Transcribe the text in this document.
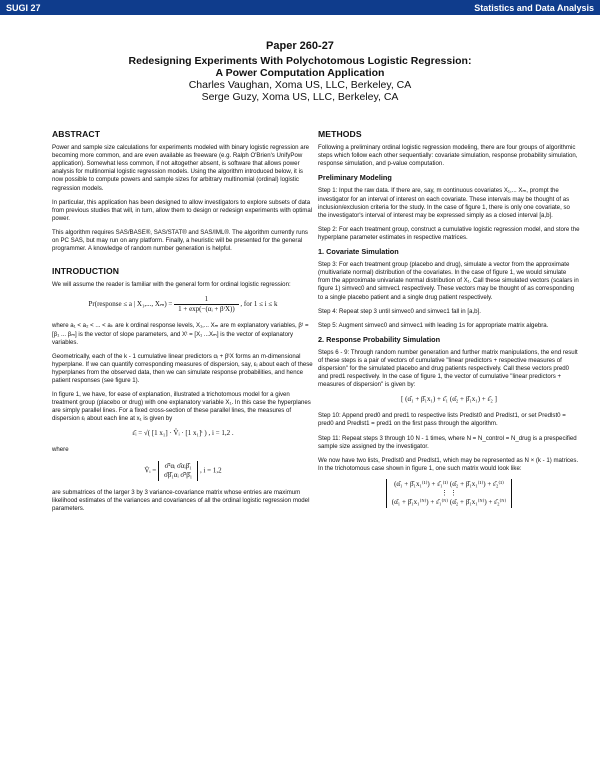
SUGI 27	Statistics and Data Analysis
Paper 260-27
Redesigning Experiments With Polychotomous Logistic Regression:
A Power Computation Application
Charles Vaughan, Xoma US, LLC, Berkeley, CA
Serge Guzy, Xoma US, LLC, Berkeley, CA
ABSTRACT

Power and sample size calculations for experiments modeled with binary logistic regression are becoming more common, and are even available as freeware (e.g. Ralph O'Brien's UnifyPow application). Somewhat less common, if not altogether absent, is software that allows power analysis for multinomial logistic regression models. Using the algorithm introduced below, it is now possible to compute powers and sample sizes for arbitrary multinomial (ordinal) logistic regression models.

In particular, this application has been designed to allow investigators to explore subsets of data from previous studies that will, in turn, allow them to design or redesign experiments with optimal power.

This algorithm requires SAS/BASE®, SAS/STAT® and SAS/IML®. The algorithm currently runs on PC SAS, but may run on any platform. Finally, a heuristic will be presented for the general programmer. A knowledge of random number generation is helpful.

INTRODUCTION

We will assume the reader is familiar with the general form for ordinal logistic regression:

Pr(response ≤ a | X₁,..., $X_m) = \frac{1}{\text{1 + exp(−(αᵢ + βᵗX))}}$ , for 1 ≤ i ≤ k

where a₁ < a₂ < ... < aₖ are k ordinal response levels, X₁,... Xₘ are m explanatory variables, βᵗ = [β₁ ... βₘ] is the vector of slope parameters, and Xᵗ = [X₁ ...Xₘ] is the vector of explanatory variables.

Geometrically, each of the k - 1 cumulative linear predictors αᵢ + βᵗX forms an m-dimensional hyperplane. If we can quantify corresponding measures of dispersion, say, εᵢ about each of these hyperplanes from the observed data, then we can simulate response probabilities, and hence patient responses (see figure 1).

In figure 1, we have, for ease of explanation, illustrated a trichotomous model for a given treatment group (placebo or drug) with one explanatory variable X₁. In this case the hyperplanes are simply parallel lines. For a fixed cross-section of these parallel lines, the measures of dispersion εᵢ about each line at x₁ is given by

ε̂ᵢ = √( [1 x₁] · V̂ᵢ · [1 x₁]ᵗ ) , i = 1,2 .

where

V̂ᵢ =
σ̂²αᵢ σ̂αᵢβ̂₁
σ̂β̂₁αᵢ σ̂²β̂₁
, i = 1,2

are submatrices of the larger 3 by 3 variance-covariance matrix whose entries are maximum likelihood estimates of the variances and covariances of all the ordinal logistic regression model parameters.

METHODS

Following a preliminary ordinal logistic regression modeling, there are four groups of algorithmic steps which follow each other sequentially: covariate simulation, response probability simulation, response simulation, and p-value computation.

Preliminary Modeling

Step 1: Input the raw data. If there are, say, m continuous covariates X₁,... Xₘ, prompt the investigator for an interval of interest on each covariate. These intervals may be thought of as inclusion/exclusion criteria for the study. In the case of figure 1, there is only one covariate, so the investigator's interval of interest may be expressed simply as a closed interval [a,b].

Step 2: For each treatment group, construct a cumulative logistic regression model, and store the hyperplane parameter estimates in respective matrices.

1. Covariate Simulation

Step 3: For each treatment group (placebo and drug), simulate a vector from the approximate (multivariate normal) distribution of the covariates. In the case of figure 1, we would simulate from the approximate univariate normal distribution of X₁. Call these simulated vectors (scalars in figure 1) simvec0 and simvec1 respectively. These vectors may be thought of as corresponding to a single placebo patient and a single drug patient respectively.

Step 4: Repeat step 3 until simvec0 and simvec1 fall in [a,b].

Step 5: Augment simvec0 and simvec1 with leading 1s for appropriate matrix algebra.

2. Response Probability Simulation

Steps 6 - 9: Through random number generation and further matrix manipulations, the end result of these steps is a pair of vectors of cumulative "linear predictors + respective measures of dispersion" for the simulated placebo and drug patients respectively. Call these vectors pred0 and pred1 respectively. In the case of figure 1, the vector of cumulative "linear predictors + measures of dispersion" is given by:

[ (α̂₁ + β̂₁x₁) + ε̂₁ (α̂₂ + β̂₁x₁) + ε̂₂ ]

Step 10: Append pred0 and pred1 to respective lists Predlst0 and Predlst1, or set Predlst0 = pred0 and Predlst1 = pred1 on the first pass through the algorithm.

Step 11: Repeat steps 3 through 10 N - 1 times, where N = N_control = N_drug is a prespecified sample size assigned by the investigator.

We now have two lists, Predlst0 and Predlst1, which may be represented as N × (k - 1) matrices. In the trichotomous case shown in figure 1, one such matrix would look like:

(α̂₁ + β̂₁x₁⁽¹⁾) + ε̂₁⁽¹⁾ (α̂₂ + β̂₁x₁⁽¹⁾) + ε̂₂⁽¹⁾
⋮ ⋮
(α̂₁ + β̂₁x₁⁽ᴺ⁾) + ε̂₁⁽ᴺ⁾ (α̂₂ + β̂₁x₁⁽ᴺ⁾) + ε̂₂⁽ᴺ⁾
